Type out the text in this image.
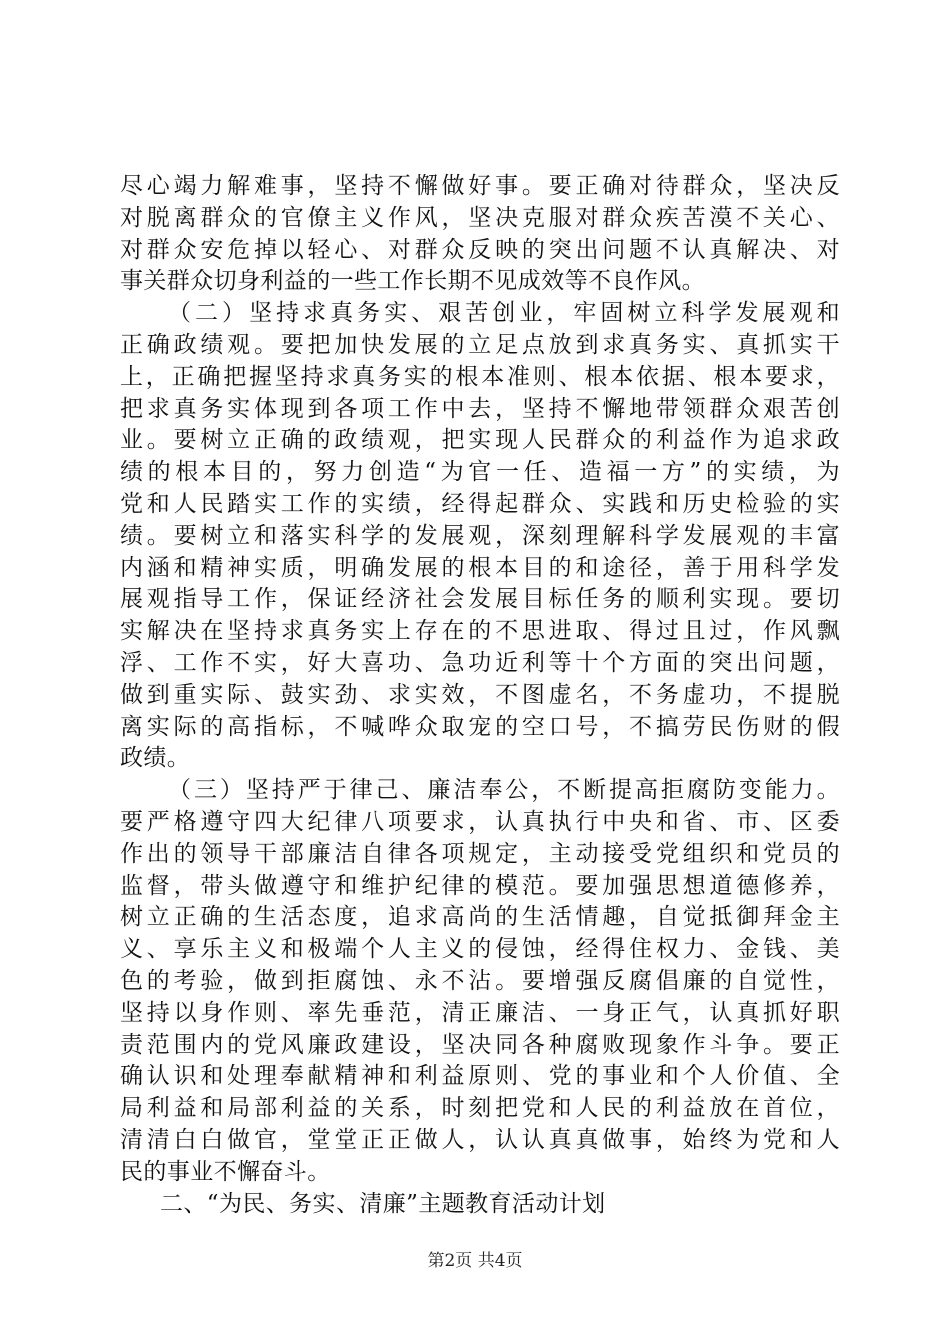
尽心竭力解难事，坚持不懈做好事。要正确对待群众，坚决反
对脱离群众的官僚主义作风，坚决克服对群众疾苦漠不关心、
对群众安危掉以轻心、对群众反映的突出问题不认真解决、对
事关群众切身利益的一些工作长期不见成效等不良作风。
（二）坚持求真务实、艰苦创业，牢固树立科学发展观和
正确政绩观。要把加快发展的立足点放到求真务实、真抓实干
上，正确把握坚持求真务实的根本准则、根本依据、根本要求，
把求真务实体现到各项工作中去，坚持不懈地带领群众艰苦创
业。要树立正确的政绩观，把实现人民群众的利益作为追求政
绩的根本目的，努力创造“为官一任、造福一方”的实绩，为
党和人民踏实工作的实绩，经得起群众、实践和历史检验的实
绩。要树立和落实科学的发展观，深刻理解科学发展观的丰富
内涵和精神实质，明确发展的根本目的和途径，善于用科学发
展观指导工作，保证经济社会发展目标任务的顺利实现。要切
实解决在坚持求真务实上存在的不思进取、得过且过，作风飘
浮、工作不实，好大喜功、急功近利等十个方面的突出问题，
做到重实际、鼓实劲、求实效，不图虚名，不务虚功，不提脱
离实际的高指标，不喊哗众取宠的空口号，不搞劳民伤财的假
政绩。
（三）坚持严于律己、廉洁奉公，不断提高拒腐防变能力。
要严格遵守四大纪律八项要求，认真执行中央和省、市、区委
作出的领导干部廉洁自律各项规定，主动接受党组织和党员的
监督，带头做遵守和维护纪律的模范。要加强思想道德修养，
树立正确的生活态度，追求高尚的生活情趣，自觉抵御拜金主
义、享乐主义和极端个人主义的侵蚀，经得住权力、金钱、美
色的考验，做到拒腐蚀、永不沾。要增强反腐倡廉的自觉性，
坚持以身作则、率先垂范，清正廉洁、一身正气，认真抓好职
责范围内的党风廉政建设，坚决同各种腐败现象作斗争。要正
确认识和处理奉献精神和利益原则、党的事业和个人价值、全
局利益和局部利益的关系，时刻把党和人民的利益放在首位，
清清白白做官，堂堂正正做人，认认真真做事，始终为党和人
民的事业不懈奋斗。
二、“为民、务实、清廉”主题教育活动计划
第2页 共4页
